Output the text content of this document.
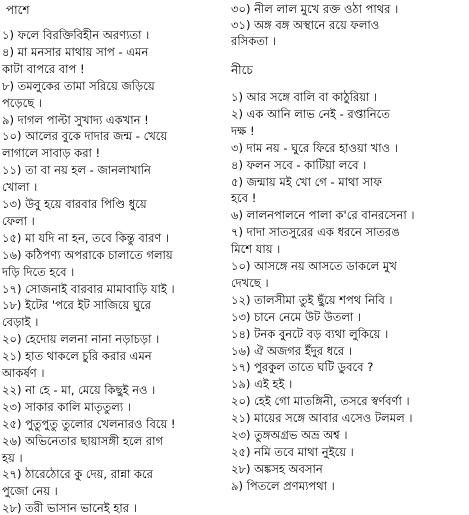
পাশে
১) ফলে বিরক্তিবিহীন অরণ্যতা ।
৪) মা মনসার মাথায় সাপ - এমন
কাটা বাপরে বাপ !
৮) তমলুকের তামা সরিয়ে জড়িয়ে
পড়েছে ।
৯) দাগল পাল্টা সুখাদ্য একখান !
১০) আলের বুকে দাদার জন্ম - খেয়ে
লাগালে সাবাড় করা !
১১) তা বা নয় হল - জানলাখানি
খোলা ।
১৩) উবু হয়ে বারবার পিণ্ডি ধুয়ে
ফেলা ।
১৫) মা যদি না হন, তবে কিন্তু বারণ ।
১৬) কঠিপণ্য অপরাকে চালাতে গলায়
দড়ি দিতে হবে ।
১৭) সোজনাই বারবার মামাবাড়ি যাই ।
১৮) ইটের 'পরে ইট সাজিয়ে ঘুরে
বেড়াই ।
২০) হেদোয় ললনা নানা নড়াচড়া ।
২১) হাত থাকলে চুরি করার এমন
আকর্ষণ ।
২২) না হে - মা, মেয়ে কিছুই নও ।
২৩) সাকার কালি মাতৃতুল্য ।
২৫) পুতুপুতু তুলোর খেলনারও বিয়ে !
২৬) অভিনেতার ছায়াসঙ্গী হলে রাগ
হয় ।
২৭) ঠারেঠোরে কু দেয়, রান্না করে
পুজো নেয় ।
২৮) তরী ভাসান ভানেই হার ।
৩০) নীল লাল মুখে রক্ত ওঠা পাথর ।
৩১) অঙ্গ বঙ্গ অস্থানে রয়ে ফলাও
রসিকতা ।
নীচে
১) আর সঙ্গে বালি বা কাঠুরিয়া ।
২) এক আনি লাভ নেই - রপ্তানিতে
দক্ষ !
৩) দাম নয় - ঘুরে ফিরে হাওয়া খাও ।
৪) ফলন সবে - কাটিয়া লবে ।
৫) জন্মায় মই খো গে - মাথা সাফ
হবে !
৬) লালনপালনে পালা ক'রে বানরসেনা ।
৭) দাদা সাতসুরের এক ধরনে সাতরঙ
মিশে যায় ।
১০) আসঙ্গে নয় আসতে ডাকলে মুখ
দেখছে ।
১২) তালসীমা তুই ছুঁয়ে শপথ নিবি ।
১৩) চানে নেমে উট উতলা ।
১৪) টনক বুনটে বড় ব্যথা লুকিয়ে ।
১৬) ঐ অজগর ইঁদুর ধরে ।
১৭) পুরকুল তাতে ঘটি ডুববে ?
১৯) এই হই ।
২০) হেই গো মাতঙ্গিনী, তসরে স্বর্ণবর্ণা ।
২১) মায়ের সঙ্গে আবার এসেও টলমল ।
২৩) তুঙ্গঅগ্রভ অভ্র অশ্ব ।
২৫) নমি তবে মাথা নুইয়ে ।
২৮) অঙ্কসহ অবসান
৯) পিতলে প্রণম্যপথা ।
